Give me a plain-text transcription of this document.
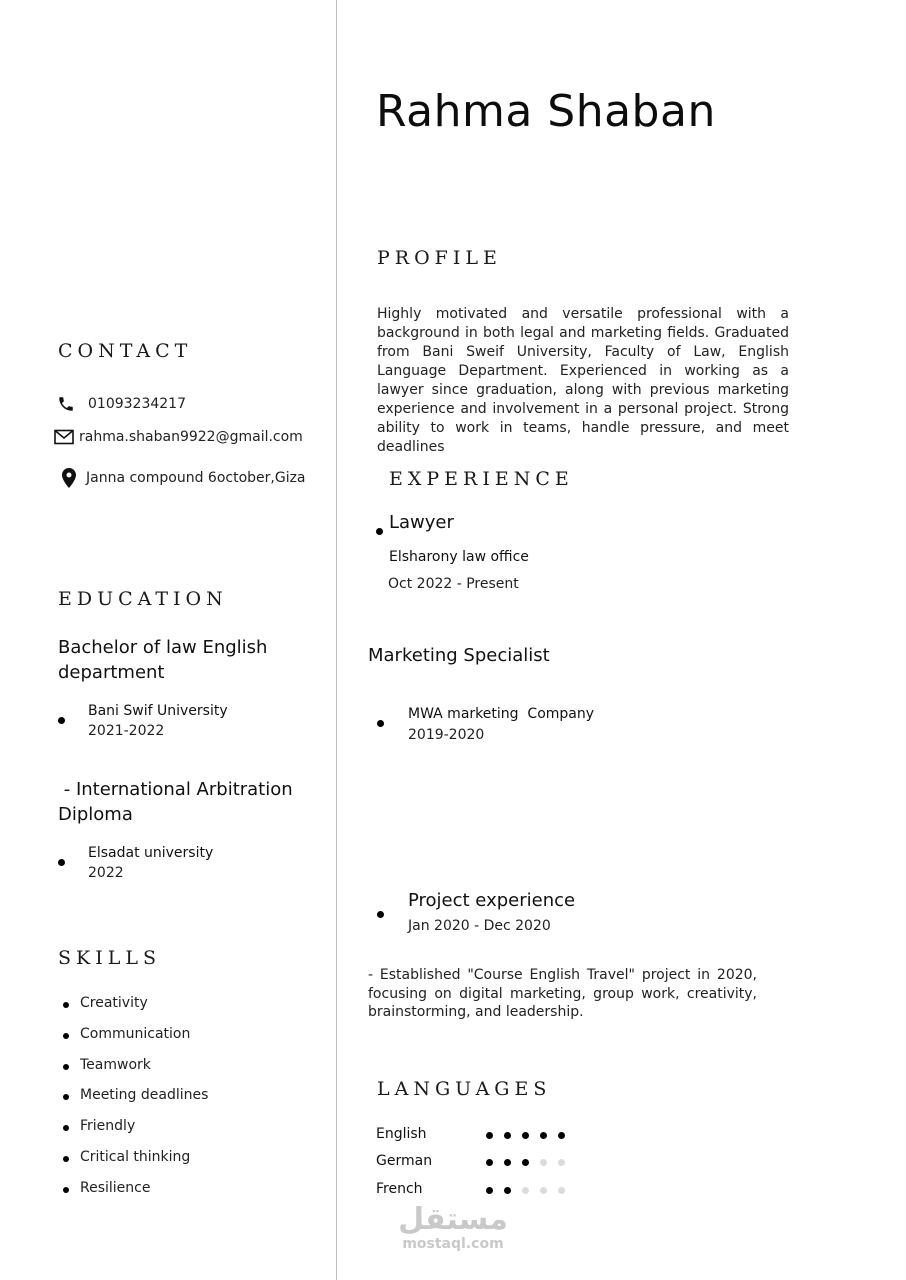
Rahma Shaban
CONTACT
01093234217
rahma.shaban9922@gmail.com
Janna compound 6october,Giza
EDUCATION
Bachelor of law English department
Bani Swif University
2021-2022
- International Arbitration Diploma
Elsadat university
2022
SKILLS
Creativity
Communication
Teamwork
Meeting deadlines
Friendly
Critical thinking
Resilience
PROFILE
Highly motivated and versatile professional with a background in both legal and marketing fields. Graduated from Bani Sweif University, Faculty of Law, English Language Department. Experienced in working as a lawyer since graduation, along with previous marketing experience and involvement in a personal project. Strong ability to work in teams, handle pressure, and meet deadlines
EXPERIENCE
Lawyer
Elsharony law office
Oct 2022 - Present
Marketing Specialist
MWA marketing  Company
2019-2020
Project experience
Jan 2020 - Dec 2020
- Established "Course English Travel" project in 2020, focusing on digital marketing, group work, creativity, brainstorming, and leadership.
LANGUAGES
English
German
French
مستقل
mostaql.com
